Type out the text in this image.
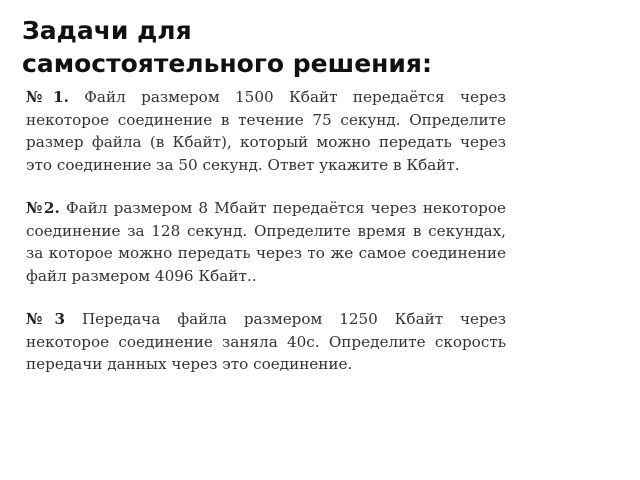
Задачи для
самостоятельного решения:

№1. Файл размером 1500 Кбайт передаётся через некоторое соединение в течение 75 секунд. Определите размер файла (в Кбайт), который можно передать через это соединение за 50 секунд. Ответ укажите в Кбайт.

№2. Файл размером 8 Мбайт передаётся через некоторое соединение за 128 секунд. Определите время в секундах, за которое можно передать через то же самое соединение файл размером 4096 Кбайт..

№3 Передача файла размером 1250 Кбайт через некоторое соединение заняла 40с. Определите скорость передачи данных через это соединение.
